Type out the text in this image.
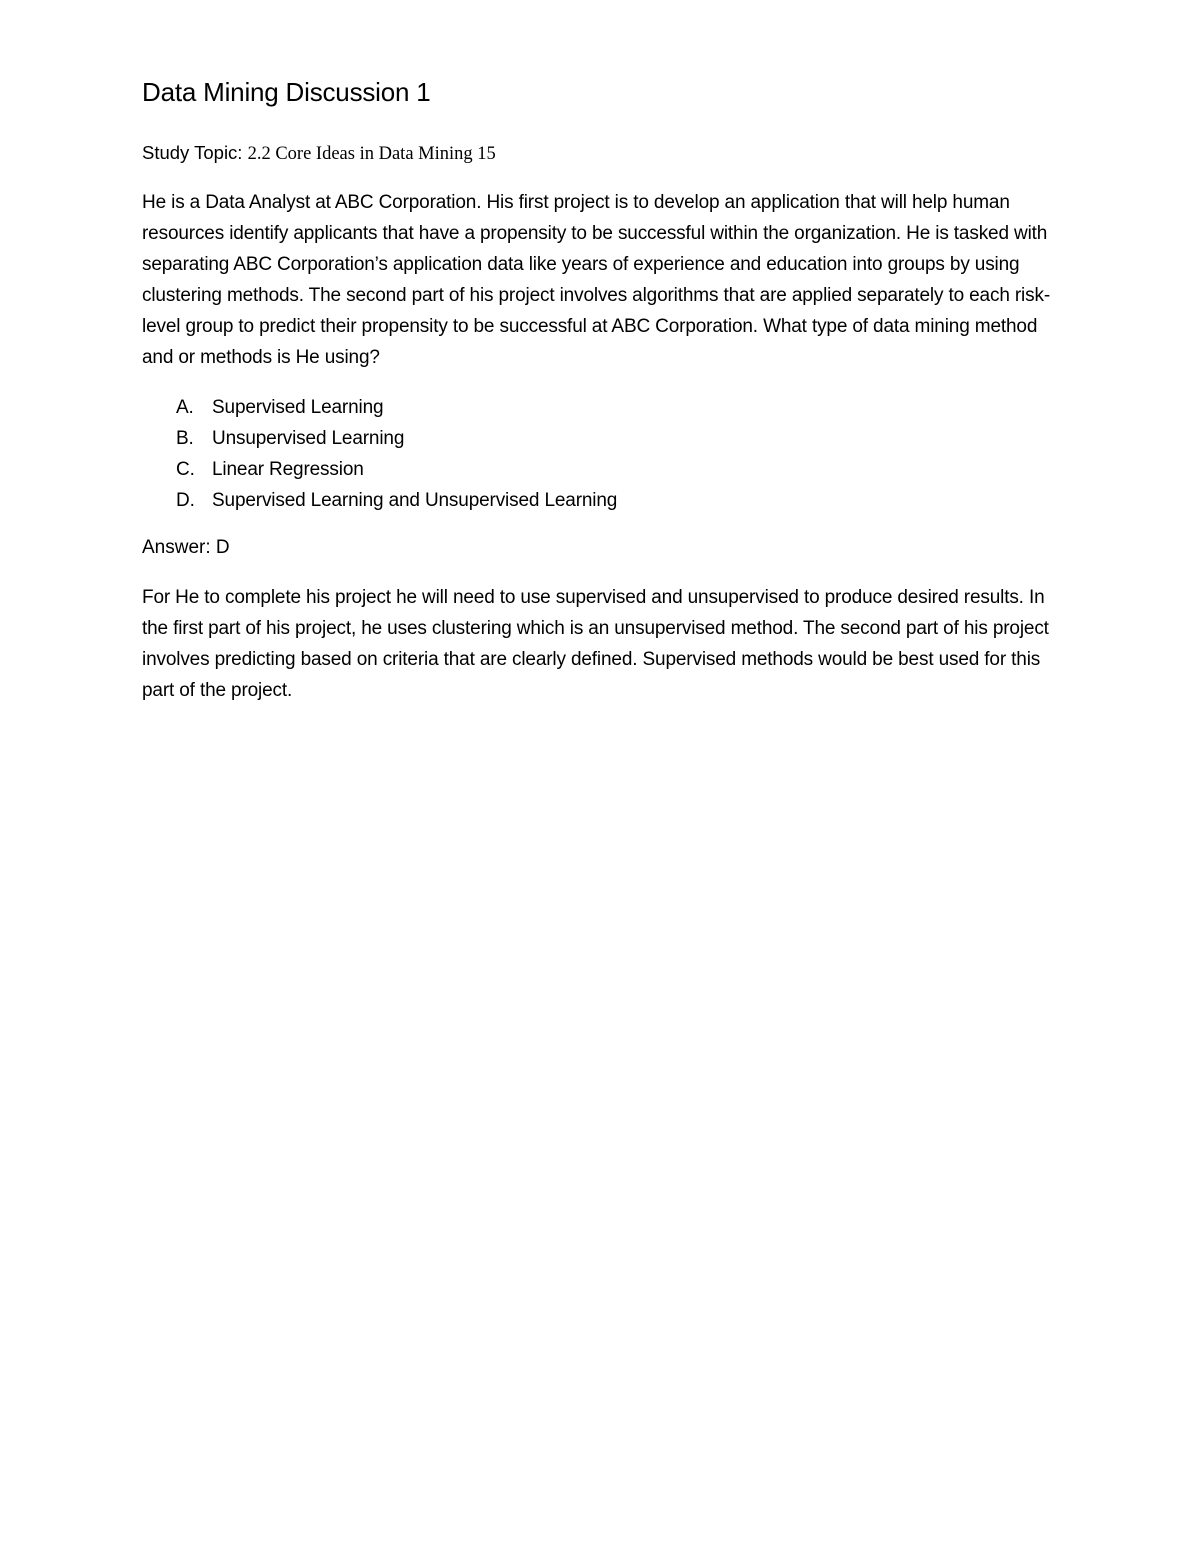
Data Mining Discussion 1
Study Topic: 2.2 Core Ideas in Data Mining 15

He is a Data Analyst at ABC Corporation. His first project is to develop an application that will help human resources identify applicants that have a propensity to be successful within the organization. He is tasked with separating ABC Corporation’s application data like years of experience and education into groups by using clustering methods. The second part of his project involves algorithms that are applied separately to each risk-level group to predict their propensity to be successful at ABC Corporation. What type of data mining method and or methods is He using?

A. Supervised Learning
B. Unsupervised Learning
C. Linear Regression
D. Supervised Learning and Unsupervised Learning

Answer: D

For He to complete his project he will need to use supervised and unsupervised to produce desired results. In the first part of his project, he uses clustering which is an unsupervised method. The second part of his project involves predicting based on criteria that are clearly defined. Supervised methods would be best used for this part of the project.
